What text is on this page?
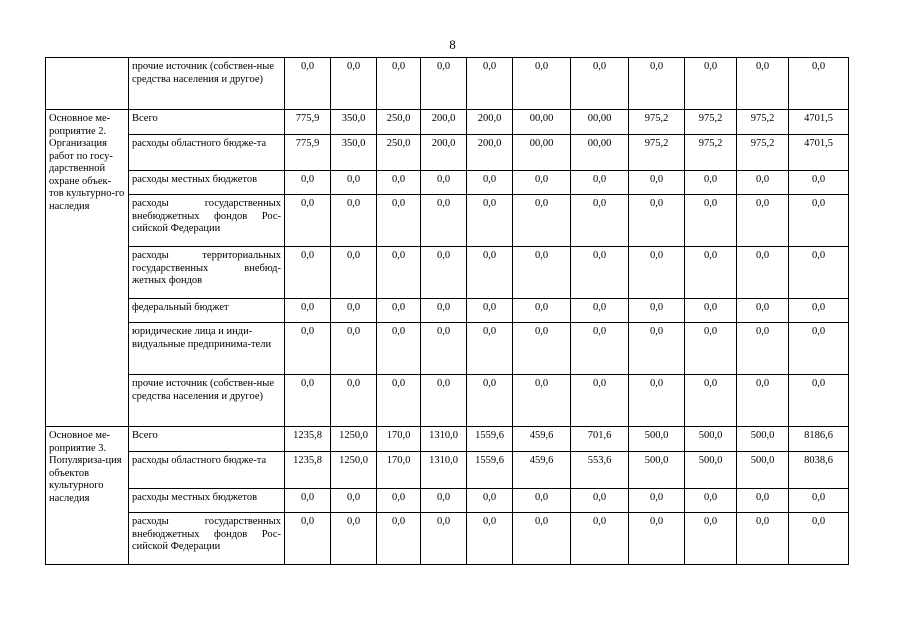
8
	прочие источник (собствен-ные средства населения и другое)	0,0	0,0	0,0	0,0	0,0	0,0	0,0	0,0	0,0	0,0	0,0
Основное ме-роприятие 2. Организация работ по госу-дарственной охране объек-тов культурно-го наследия	Всего	775,9	350,0	250,0	200,0	200,0	00,00	00,00	975,2	975,2	975,2	4701,5
	расходы областного бюдже-та	775,9	350,0	250,0	200,0	200,0	00,00	00,00	975,2	975,2	975,2	4701,5
	расходы местных бюджетов	0,0	0,0	0,0	0,0	0,0	0,0	0,0	0,0	0,0	0,0	0,0
	расходы государственных внебюджетных фондов Рос-сийской Федерации	0,0	0,0	0,0	0,0	0,0	0,0	0,0	0,0	0,0	0,0	0,0
	расходы территориальных государственных внебюд-жетных фондов	0,0	0,0	0,0	0,0	0,0	0,0	0,0	0,0	0,0	0,0	0,0
	федеральный бюджет	0,0	0,0	0,0	0,0	0,0	0,0	0,0	0,0	0,0	0,0	0,0
	юридические лица и инди-видуальные предпринима-тели	0,0	0,0	0,0	0,0	0,0	0,0	0,0	0,0	0,0	0,0	0,0
	прочие источник (собствен-ные средства населения и другое)	0,0	0,0	0,0	0,0	0,0	0,0	0,0	0,0	0,0	0,0	0,0
Основное ме-роприятие 3. Популяриза-ция объектов культурного наследия	Всего	1235,8	1250,0	170,0	1310,0	1559,6	459,6	701,6	500,0	500,0	500,0	8186,6
	расходы областного бюдже-та	1235,8	1250,0	170,0	1310,0	1559,6	459,6	553,6	500,0	500,0	500,0	8038,6
	расходы местных бюджетов	0,0	0,0	0,0	0,0	0,0	0,0	0,0	0,0	0,0	0,0	0,0
	расходы государственных внебюджетных фондов Рос-сийской Федерации	0,0	0,0	0,0	0,0	0,0	0,0	0,0	0,0	0,0	0,0	0,0
